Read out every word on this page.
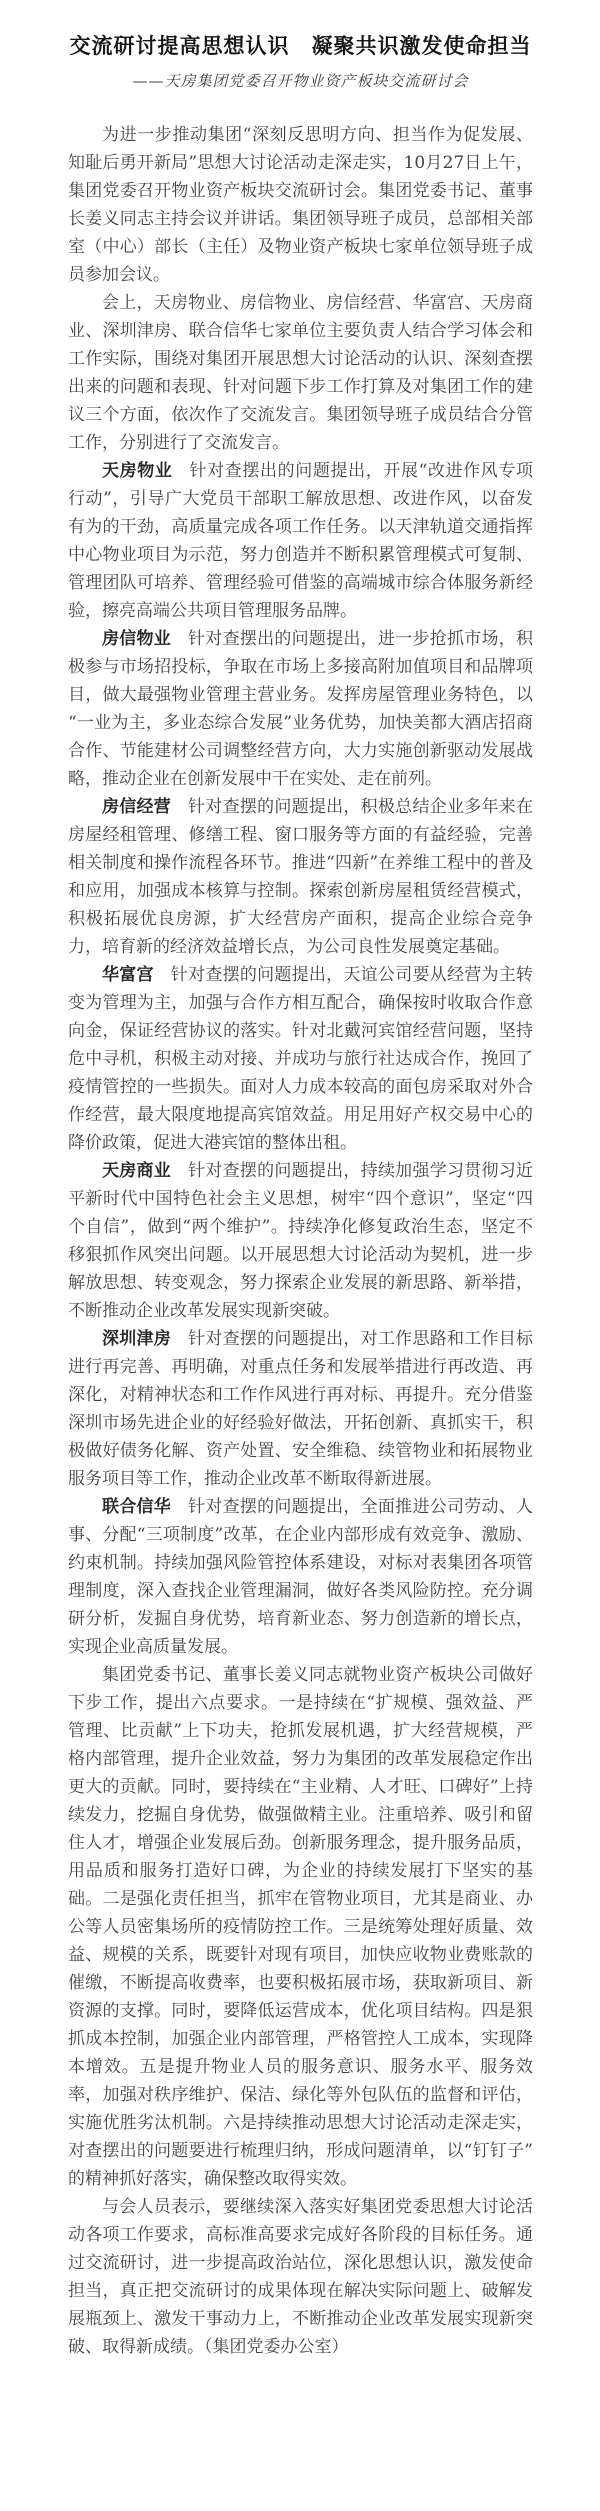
交流研讨提高思想认识　凝聚共识激发使命担当
——天房集团党委召开物业资产板块交流研讨会

为进一步推动集团“深刻反思明方向、担当作为促发展、知耻后勇开新局”思想大讨论活动走深走实，10月27日上午，集团党委召开物业资产板块交流研讨会。集团党委书记、董事长姜义同志主持会议并讲话。集团领导班子成员，总部相关部室（中心）部长（主任）及物业资产板块七家单位领导班子成员参加会议。

会上，天房物业、房信物业、房信经营、华富宫、天房商业、深圳津房、联合信华七家单位主要负责人结合学习体会和工作实际，围绕对集团开展思想大讨论活动的认识、深刻查摆出来的问题和表现、针对问题下步工作打算及对集团工作的建议三个方面，依次作了交流发言。集团领导班子成员结合分管工作，分别进行了交流发言。

天房物业 针对查摆出的问题提出，开展“改进作风专项行动”，引导广大党员干部职工解放思想、改进作风，以奋发有为的干劲，高质量完成各项工作任务。以天津轨道交通指挥中心物业项目为示范，努力创造并不断积累管理模式可复制、管理团队可培养、管理经验可借鉴的高端城市综合体服务新经验，擦亮高端公共项目管理服务品牌。

房信物业 针对查摆出的问题提出，进一步抢抓市场，积极参与市场招投标，争取在市场上多接高附加值项目和品牌项目，做大最强物业管理主营业务。发挥房屋管理业务特色，以“一业为主，多业态综合发展”业务优势，加快美都大酒店招商合作、节能建材公司调整经营方向，大力实施创新驱动发展战略，推动企业在创新发展中干在实处、走在前列。

房信经营 针对查摆的问题提出，积极总结企业多年来在房屋经租管理、修缮工程、窗口服务等方面的有益经验，完善相关制度和操作流程各环节。推进“四新”在养维工程中的普及和应用，加强成本核算与控制。探索创新房屋租赁经营模式，积极拓展优良房源，扩大经营房产面积，提高企业综合竞争力，培育新的经济效益增长点，为公司良性发展奠定基础。

华富宫 针对查摆的问题提出，天谊公司要从经营为主转变为管理为主，加强与合作方相互配合，确保按时收取合作意向金，保证经营协议的落实。针对北戴河宾馆经营问题，坚持危中寻机，积极主动对接、并成功与旅行社达成合作，挽回了疫情管控的一些损失。面对人力成本较高的面包房采取对外合作经营，最大限度地提高宾馆效益。用足用好产权交易中心的降价政策，促进大港宾馆的整体出租。

天房商业 针对查摆的问题提出，持续加强学习贯彻习近平新时代中国特色社会主义思想，树牢“四个意识”，坚定“四个自信”，做到“两个维护”。持续净化修复政治生态，坚定不移狠抓作风突出问题。以开展思想大讨论活动为契机，进一步解放思想、转变观念，努力探索企业发展的新思路、新举措，不断推动企业改革发展实现新突破。

深圳津房 针对查摆的问题提出，对工作思路和工作目标进行再完善、再明确，对重点任务和发展举措进行再改造、再深化，对精神状态和工作作风进行再对标、再提升。充分借鉴深圳市场先进企业的好经验好做法，开拓创新、真抓实干，积极做好债务化解、资产处置、安全维稳、续管物业和拓展物业服务项目等工作，推动企业改革不断取得新进展。

联合信华 针对查摆的问题提出，全面推进公司劳动、人事、分配“三项制度”改革，在企业内部形成有效竞争、激励、约束机制。持续加强风险管控体系建设，对标对表集团各项管理制度，深入查找企业管理漏洞，做好各类风险防控。充分调研分析，发掘自身优势，培育新业态、努力创造新的增长点，实现企业高质量发展。

集团党委书记、董事长姜义同志就物业资产板块公司做好下步工作，提出六点要求。一是持续在“扩规模、强效益、严管理、比贡献”上下功夫，抢抓发展机遇，扩大经营规模，严格内部管理，提升企业效益，努力为集团的改革发展稳定作出更大的贡献。同时，要持续在“主业精、人才旺、口碑好”上持续发力，挖掘自身优势，做强做精主业。注重培养、吸引和留住人才，增强企业发展后劲。创新服务理念，提升服务品质，用品质和服务打造好口碑，为企业的持续发展打下坚实的基础。二是强化责任担当，抓牢在管物业项目，尤其是商业、办公等人员密集场所的疫情防控工作。三是统筹处理好质量、效益、规模的关系，既要针对现有项目，加快应收物业费账款的催缴，不断提高收费率，也要积极拓展市场，获取新项目、新资源的支撑。同时，要降低运营成本，优化项目结构。四是狠抓成本控制，加强企业内部管理，严格管控人工成本，实现降本增效。五是提升物业人员的服务意识、服务水平、服务效率，加强对秩序维护、保洁、绿化等外包队伍的监督和评估，实施优胜劣汰机制。六是持续推动思想大讨论活动走深走实，对查摆出的问题要进行梳理归纳，形成问题清单，以“钉钉子”的精神抓好落实，确保整改取得实效。

与会人员表示，要继续深入落实好集团党委思想大讨论活动各项工作要求，高标准高要求完成好各阶段的目标任务。通过交流研讨，进一步提高政治站位，深化思想认识，激发使命担当，真正把交流研讨的成果体现在解决实际问题上、破解发展瓶颈上、激发干事动力上，不断推动企业改革发展实现新突破、取得新成绩。（集团党委办公室）
